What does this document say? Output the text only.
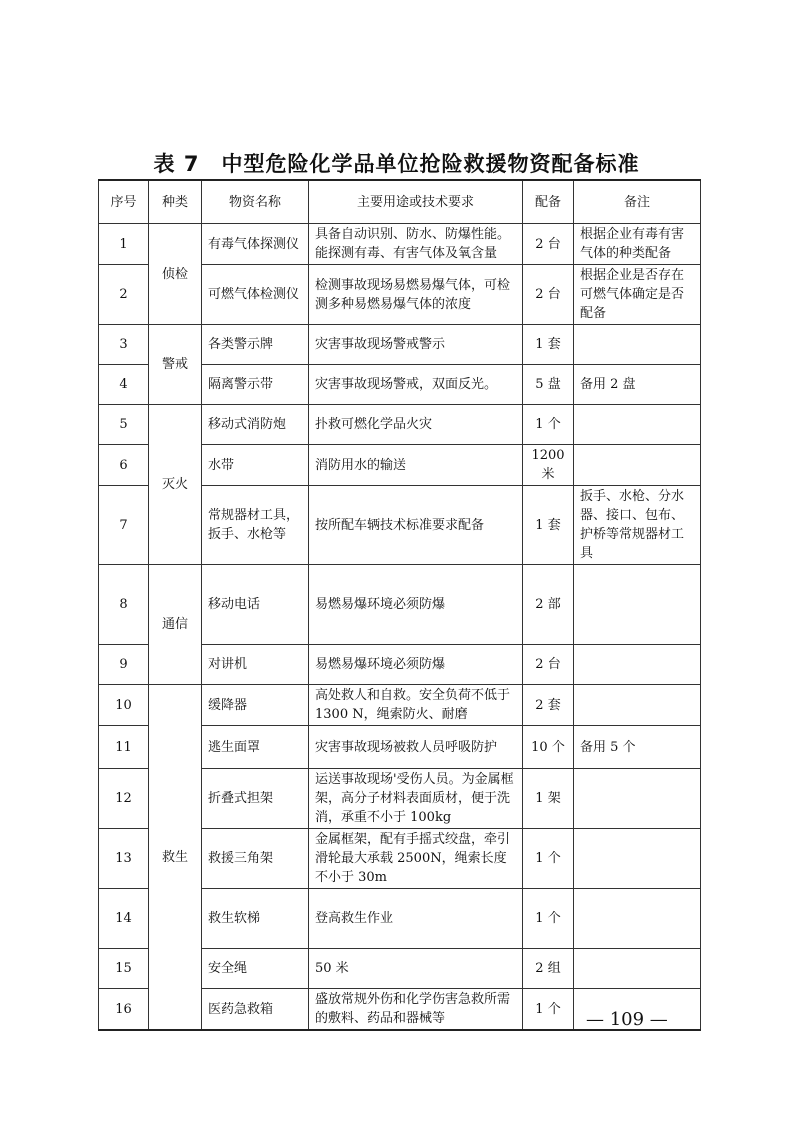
表 7　中型危险化学品单位抢险救援物资配备标准
序号	种类	物资名称	主要用途或技术要求	配备	备注
1	侦检	有毒气体探测仪	具备自动识别、防水、防爆性能。能探测有毒、有害气体及氧含量	2 台	根据企业有毒有害气体的种类配备
2		可燃气体检测仪	检测事故现场易燃易爆气体，可检测多种易燃易爆气体的浓度	2 台	根据企业是否存在可燃气体确定是否配备
3	警戒	各类警示牌	灾害事故现场警戒警示	1 套	
4		隔离警示带	灾害事故现场警戒，双面反光。	5 盘	备用 2 盘
5	灭火	移动式消防炮	扑救可燃化学品火灾	1 个	
6		水带	消防用水的输送	1200 米	
7		常规器材工具，扳手、水枪等	按所配车辆技术标准要求配备	1 套	扳手、水枪、分水器、接口、包布、护桥等常规器材工具
8	通信	移动电话	易燃易爆环境必须防爆	2 部	
9		对讲机	易燃易爆环境必须防爆	2 台	
10	救生	缓降器	高处救人和自救。安全负荷不低于 1300 N，绳索防火、耐磨	2 套	
11		逃生面罩	灾害事故现场被救人员呼吸防护	10 个	备用 5 个
12		折叠式担架	运送事故现场'受伤人员。为金属框架，高分子材料表面质材，便于洗消，承重不小于 100kg	1 架	
13		救援三角架	金属框架，配有手摇式绞盘，牵引滑轮最大承载 2500N，绳索长度不小于 30m	1 个	
14		救生软梯	登高救生作业	1 个	
15		安全绳	50 米	2 组	
16		医药急救箱	盛放常规外伤和化学伤害急救所需的敷料、药品和器械等	1 个	— 109 —
